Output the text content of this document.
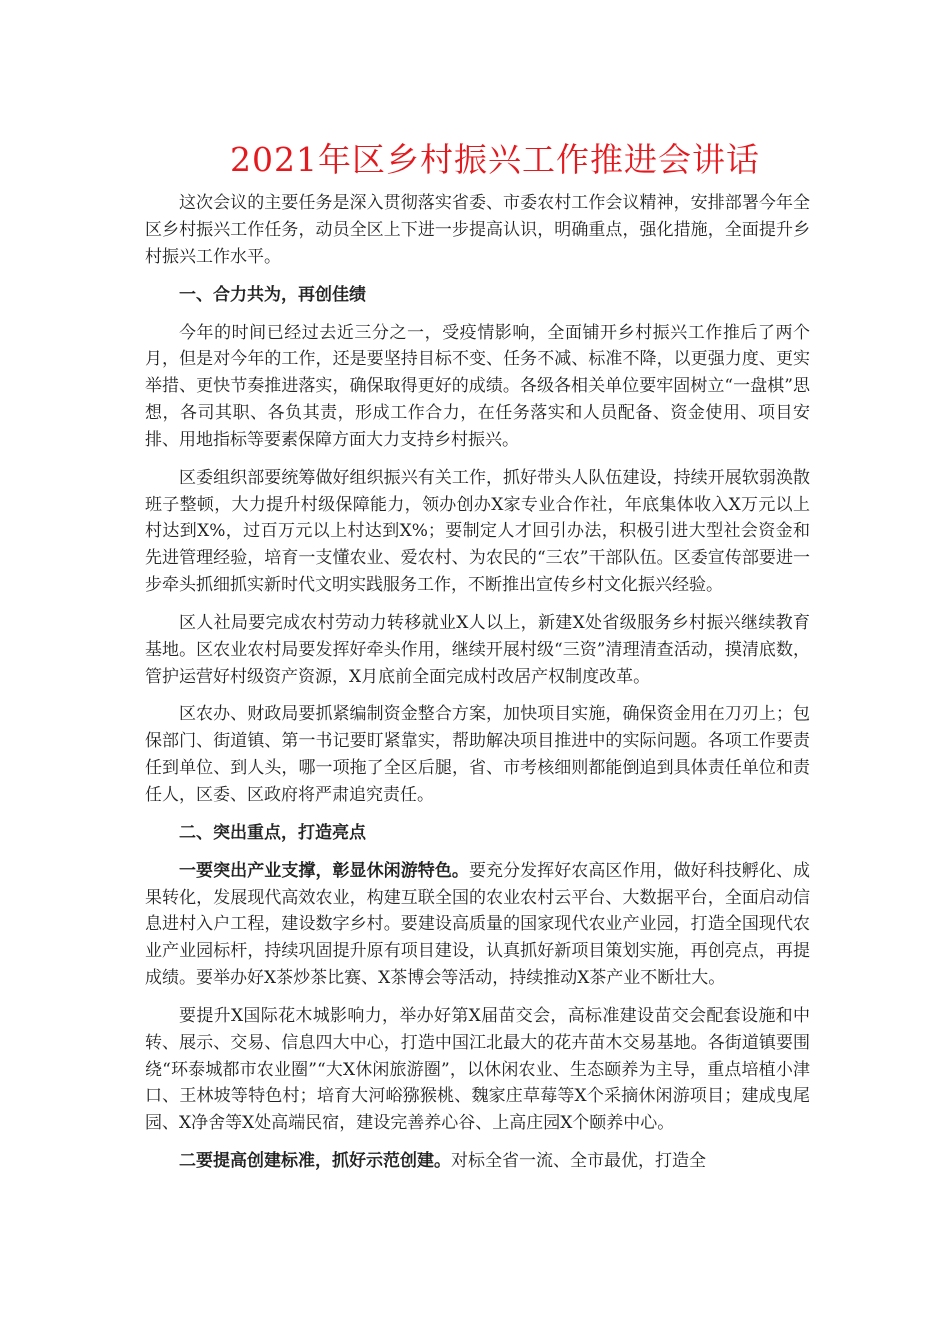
2021年区乡村振兴工作推进会讲话

这次会议的主要任务是深入贯彻落实省委、市委农村工作会议精神，安排部署今年全区乡村振兴工作任务，动员全区上下进一步提高认识，明确重点，强化措施，全面提升乡村振兴工作水平。

一、合力共为，再创佳绩

今年的时间已经过去近三分之一，受疫情影响，全面铺开乡村振兴工作推后了两个月，但是对今年的工作，还是要坚持目标不变、任务不减、标准不降，以更强力度、更实举措、更快节奏推进落实，确保取得更好的成绩。各级各相关单位要牢固树立“一盘棋”思想，各司其职、各负其责，形成工作合力，在任务落实和人员配备、资金使用、项目安排、用地指标等要素保障方面大力支持乡村振兴。

区委组织部要统筹做好组织振兴有关工作，抓好带头人队伍建设，持续开展软弱涣散班子整顿，大力提升村级保障能力，领办创办X家专业合作社，年底集体收入X万元以上村达到X%，过百万元以上村达到X%；要制定人才回引办法，积极引进大型社会资金和先进管理经验，培育一支懂农业、爱农村、为农民的“三农”干部队伍。区委宣传部要进一步牵头抓细抓实新时代文明实践服务工作，不断推出宣传乡村文化振兴经验。

区人社局要完成农村劳动力转移就业X人以上，新建X处省级服务乡村振兴继续教育基地。区农业农村局要发挥好牵头作用，继续开展村级“三资”清理清查活动，摸清底数，管护运营好村级资产资源，X月底前全面完成村改居产权制度改革。

区农办、财政局要抓紧编制资金整合方案，加快项目实施，确保资金用在刀刃上；包保部门、街道镇、第一书记要盯紧靠实，帮助解决项目推进中的实际问题。各项工作要责任到单位、到人头，哪一项拖了全区后腿，省、市考核细则都能倒追到具体责任单位和责任人，区委、区政府将严肃追究责任。

二、突出重点，打造亮点

一要突出产业支撑，彰显休闲游特色。要充分发挥好农高区作用，做好科技孵化、成果转化，发展现代高效农业，构建互联全国的农业农村云平台、大数据平台，全面启动信息进村入户工程，建设数字乡村。要建设高质量的国家现代农业产业园，打造全国现代农业产业园标杆，持续巩固提升原有项目建设，认真抓好新项目策划实施，再创亮点，再提成绩。要举办好X茶炒茶比赛、X茶博会等活动，持续推动X茶产业不断壮大。

要提升X国际花木城影响力，举办好第X届苗交会，高标准建设苗交会配套设施和中转、展示、交易、信息四大中心，打造中国江北最大的花卉苗木交易基地。各街道镇要围绕“环泰城都市农业圈”“大X休闲旅游圈”，以休闲农业、生态颐养为主导，重点培植小津口、王林坡等特色村；培育大河峪猕猴桃、魏家庄草莓等X个采摘休闲游项目；建成曳尾园、X净舍等X处高端民宿，建设完善养心谷、上高庄园X个颐养中心。

二要提高创建标准，抓好示范创建。对标全省一流、全市最优，打造全
